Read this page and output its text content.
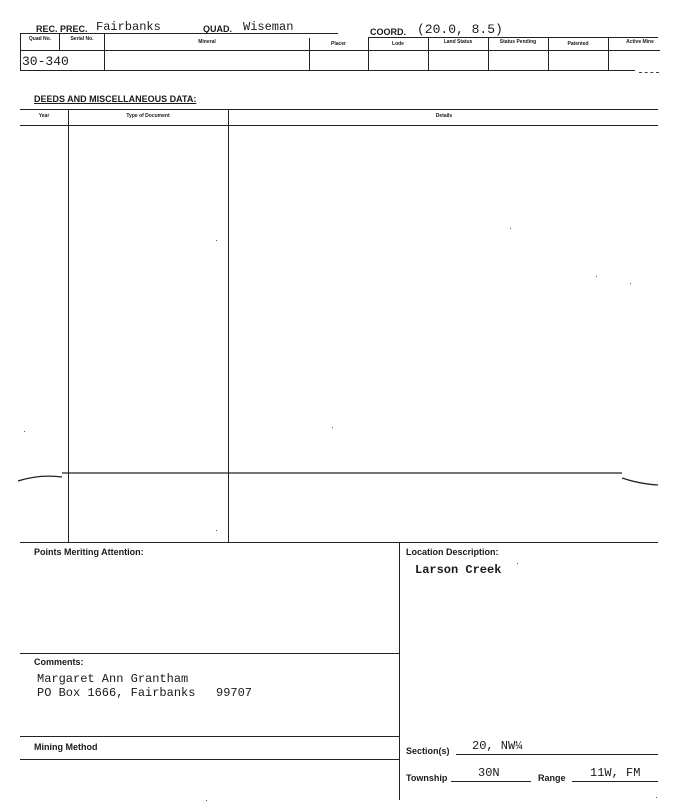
REC. PREC. Fairbanks	QUAD. Wiseman	COORD. (20.0, 8.5)
Quad No.	Serial No.	Mineral	Placer	Lode	Land Status	Status Pending	Patented	Active Mine
30-340
DEEDS AND MISCELLANEOUS DATA:
Year	Type of Document	Details
Points Meriting Attention:	Location Description:
Larson Creek
Comments:
Margaret Ann Grantham
PO Box 1666, Fairbanks 99707
Mining Method	Section(s) 20, NW¼
Township	30N	Range 11W, FM
